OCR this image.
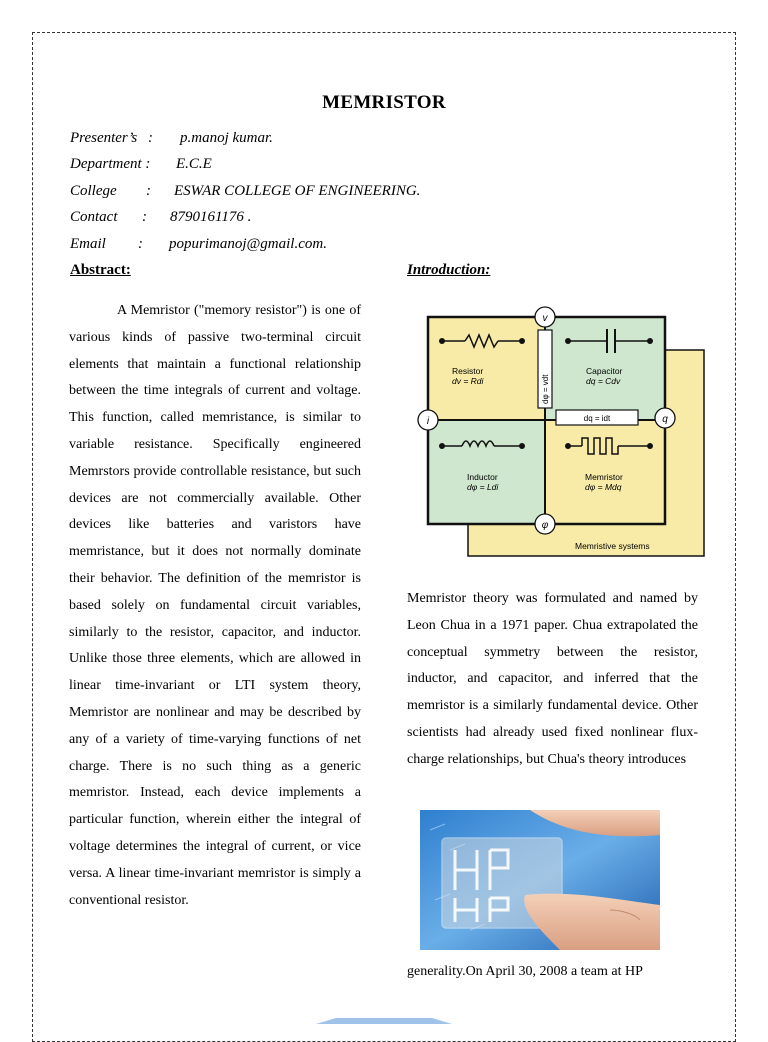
MEMRISTOR
Presenter’s : p.manoj kumar.
Department : E.C.E
College : ESWAR COLLEGE OF ENGINEERING.
Contact : 8790161176 .
Email : popurimanoj@gmail.com.
Abstract:	Introduction:

A Memristor ("memory resistor") is one of various kinds of passive two-terminal circuit elements that maintain a functional relationship between the time integrals of current and voltage. This function, called memristance, is similar to variable resistance. Specifically engineered Memrstors provide controllable resistance, but such devices are not commercially available. Other devices like batteries and varistors have memristance, but it does not normally dominate their behavior. The definition of the memristor is based solely on fundamental circuit variables, similarly to the resistor, capacitor, and inductor. Unlike those three elements, which are allowed in linear time-invariant or LTI system theory, Memristor are nonlinear and may be described by any of a variety of time-varying functions of net charge. There is no such thing as a generic memristor. Instead, each device implements a particular function, wherein either the integral of voltage determines the integral of current, or vice versa. A linear time-invariant memristor is simply a conventional resistor.

dφ = vdt
dq = idt
Resistor
dv = Rdi
Capacitor
dq = Cdv
Inductor
dφ = Ldi
Memristor
dφ = Mdq
v
i	q
φ
Memristive systems

Memristor theory was formulated and named by Leon Chua in a 1971 paper. Chua extrapolated the conceptual symmetry between the resistor, inductor, and capacitor, and inferred that the memristor is a similarly fundamental device. Other scientists had already used fixed nonlinear flux-charge relationships, but Chua's theory introduces

generality.On April 30, 2008 a team at HP
